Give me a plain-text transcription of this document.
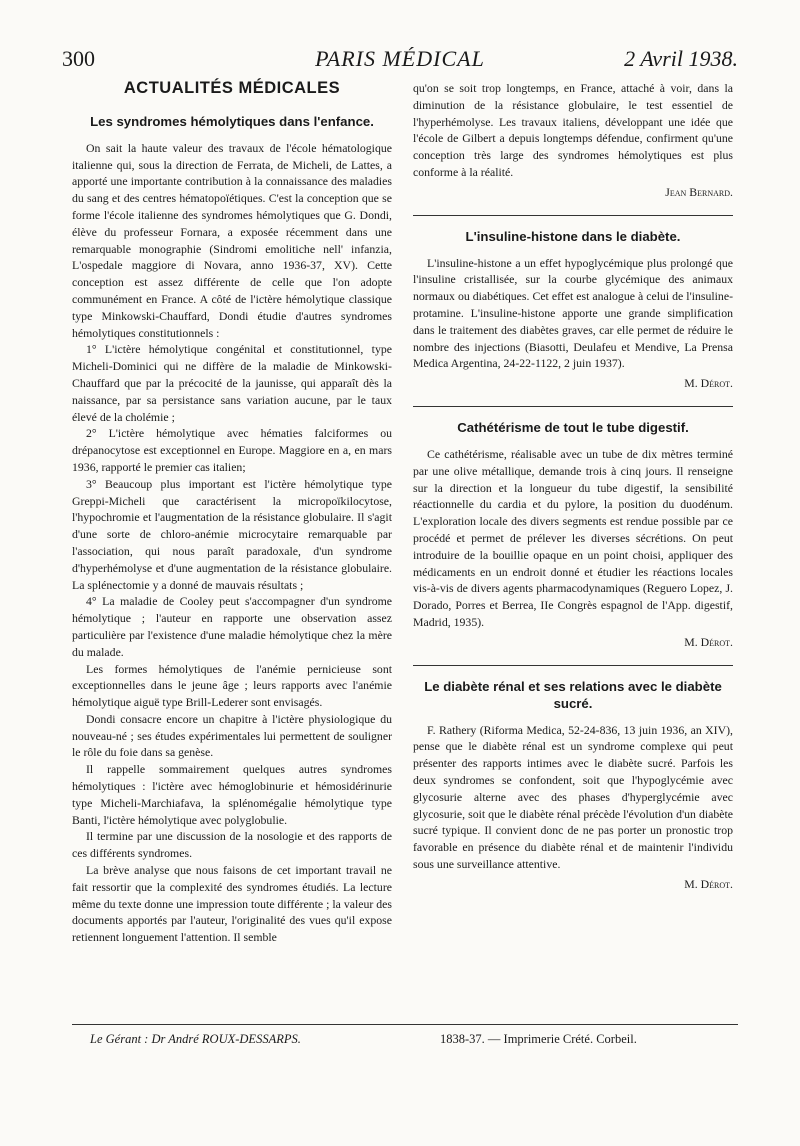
300	PARIS MÉDICAL	2 Avril 1938.
ACTUALITÉS MÉDICALES
Les syndromes hémolytiques dans l'enfance.

On sait la haute valeur des travaux de l'école hématologique italienne qui, sous la direction de Ferrata, de Micheli, de Lattes, a apporté une importante contribution à la connaissance des maladies du sang et des centres hématopoïétiques. C'est la conception que se forme l'école italienne des syndromes hémolytiques que G. Dondi, élève du professeur Fornara, a exposée récemment dans une remarquable monographie (Sindromi emolitiche nell' infanzia, L'ospedale maggiore di Novara, anno 1936-37, XV). Cette conception est assez différente de celle que l'on adopte communément en France. A côté de l'ictère hémolytique classique type Minkowski-Chauffard, Dondi étudie d'autres syndromes hémolytiques constitutionnels :

1° L'ictère hémolytique congénital et constitutionnel, type Micheli-Dominici qui ne diffère de la maladie de Minkowski-Chauffard que par la précocité de la jaunisse, qui apparaît dès la naissance, par sa persistance sans variation aucune, par le taux élevé de la cholémie ;

2° L'ictère hémolytique avec hématies falciformes ou drépanocytose est exceptionnel en Europe. Maggiore en a, en mars 1936, rapporté le premier cas italien;

3° Beaucoup plus important est l'ictère hémolytique type Greppi-Micheli que caractérisent la micropoïkilocytose, l'hypochromie et l'augmentation de la résistance globulaire. Il s'agit d'une sorte de chloro-anémie microcytaire remarquable par l'association, qui nous paraît paradoxale, d'un syndrome d'hyperhémolyse et d'une augmentation de la résistance globulaire. La splénectomie y a donné de mauvais résultats ;

4° La maladie de Cooley peut s'accompagner d'un syndrome hémolytique ; l'auteur en rapporte une observation assez particulière par l'existence d'une maladie hémolytique chez la mère du malade.

Les formes hémolytiques de l'anémie pernicieuse sont exceptionnelles dans le jeune âge ; leurs rapports avec l'anémie hémolytique aiguë type Brill-Lederer sont envisagés.

Dondi consacre encore un chapitre à l'ictère physiologique du nouveau-né ; ses études expérimentales lui permettent de souligner le rôle du foie dans sa genèse.

Il rappelle sommairement quelques autres syndromes hémolytiques : l'ictère avec hémoglobinurie et hémosidérinurie type Micheli-Marchiafava, la splénomégalie hémolytique type Banti, l'ictère hémolytique avec polyglobulie.

Il termine par une discussion de la nosologie et des rapports de ces différents syndromes.

La brève analyse que nous faisons de cet important travail ne fait ressortir que la complexité des syndromes étudiés. La lecture même du texte donne une impression toute différente ; la valeur des documents apportés par l'auteur, l'originalité des vues qu'il expose retiennent longuement l'attention. Il semble

qu'on se soit trop longtemps, en France, attaché à voir, dans la diminution de la résistance globulaire, le test essentiel de l'hyperhémolyse. Les travaux italiens, développant une idée que l'école de Gilbert a depuis longtemps défendue, confirment qu'une conception très large des syndromes hémolytiques est plus conforme à la réalité.

Jean Bernard.

L'insuline-histone dans le diabète.

L'insuline-histone a un effet hypoglycémique plus prolongé que l'insuline cristallisée, sur la courbe glycémique des animaux normaux ou diabétiques. Cet effet est analogue à celui de l'insuline-protamine. L'insuline-histone apporte une grande simplification dans le traitement des diabètes graves, car elle permet de réduire le nombre des injections (Biasotti, Deulafeu et Mendive, La Prensa Medica Argentina, 24-22-1122, 2 juin 1937).

M. Dérot.

Cathétérisme de tout le tube digestif.

Ce cathétérisme, réalisable avec un tube de dix mètres terminé par une olive métallique, demande trois à cinq jours. Il renseigne sur la direction et la longueur du tube digestif, la sensibilité réactionnelle du cardia et du pylore, la position du duodénum. L'exploration locale des divers segments est rendue possible par ce procédé et permet de prélever les diverses sécrétions. On peut introduire de la bouillie opaque en un point choisi, appliquer des médicaments en un endroit donné et étudier les réactions locales vis-à-vis de divers agents pharmacodynamiques (Reguero Lopez, J. Dorado, Porres et Berrea, IIe Congrès espagnol de l'App. digestif, Madrid, 1935).

M. Dérot.

Le diabète rénal et ses relations avec le diabète sucré.

F. Rathery (Riforma Medica, 52-24-836, 13 juin 1936, an XIV), pense que le diabète rénal est un syndrome complexe qui peut présenter des rapports intimes avec le diabète sucré. Parfois les deux syndromes se confondent, soit que l'hypoglycémie avec glycosurie alterne avec des phases d'hyperglycémie avec glycosurie, soit que le diabète rénal précède l'évolution d'un diabète sucré typique. Il convient donc de ne pas porter un pronostic trop favorable en présence du diabète rénal et de maintenir l'individu sous une surveillance attentive.

M. Dérot.

Le Gérant : Dr André ROUX-DESSARPS.	1838-37. — Imprimerie Crété. Corbeil.
